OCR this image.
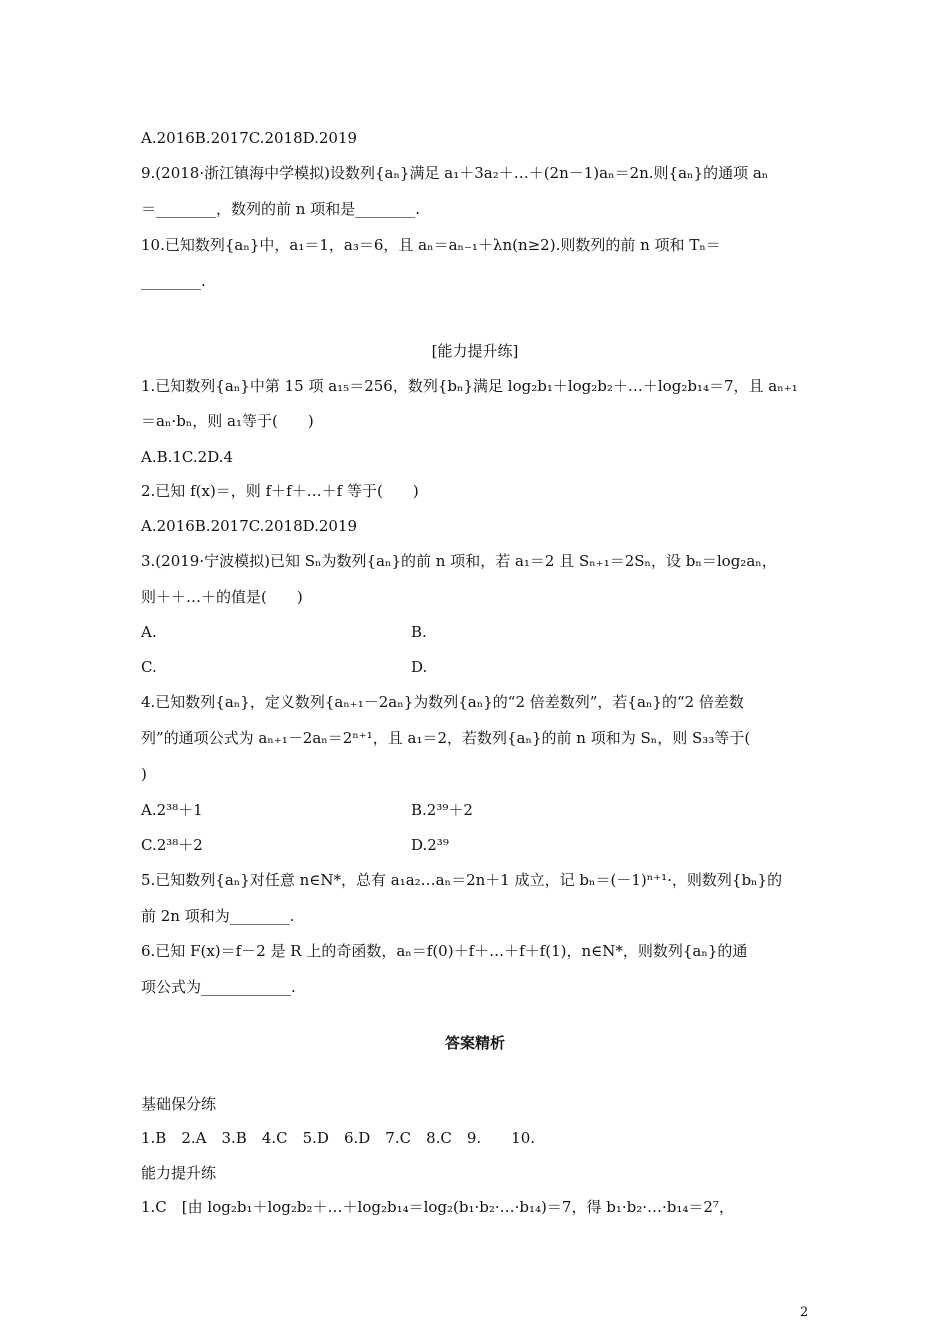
A.2016B.2017C.2018D.2019
9.(2018·浙江镇海中学模拟)设数列{aₙ}满足 a₁＋3a₂＋…＋(2n－1)aₙ＝2n.则{aₙ}的通项 aₙ
＝________，数列的前 n 项和是________.
10.已知数列{aₙ}中，a₁＝1，a₃＝6，且 aₙ＝aₙ₋₁＋λn(n≥2).则数列的前 n 项和 Tₙ＝
________.
[能力提升练]
1.已知数列{aₙ}中第 15 项 a₁₅＝256，数列{bₙ}满足 log₂b₁＋log₂b₂＋…＋log₂b₁₄＝7，且 aₙ₊₁
＝aₙ·bₙ，则 a₁等于(　　)
A.B.1C.2D.4
2.已知 f(x)＝，则 f＋f＋…＋f 等于(　　)
A.2016B.2017C.2018D.2019
3.(2019·宁波模拟)已知 Sₙ为数列{aₙ}的前 n 项和，若 a₁＝2 且 Sₙ₊₁＝2Sₙ，设 bₙ＝log₂aₙ，
则＋＋…＋的值是(　　)
A.	B.
C.	D.
4.已知数列{aₙ}，定义数列{aₙ₊₁－2aₙ}为数列{aₙ}的“2 倍差数列”，若{aₙ}的“2 倍差数
列”的通项公式为 aₙ₊₁－2aₙ＝2ⁿ⁺¹，且 a₁＝2，若数列{aₙ}的前 n 项和为 Sₙ，则 S₃₃等于(
)
A.2³⁸＋1	B.2³⁹＋2
C.2³⁸＋2	D.2³⁹
5.已知数列{aₙ}对任意 n∈N*，总有 a₁a₂…aₙ＝2n＋1 成立，记 bₙ＝(－1)ⁿ⁺¹·，则数列{bₙ}的
前 2n 项和为________.
6.已知 F(x)＝f－2 是 R 上的奇函数，aₙ＝f(0)＋f＋…＋f＋f(1)，n∈N*，则数列{aₙ}的通
项公式为____________.
答案精析
基础保分练
1.B　2.A　3.B　4.C　5.D　6.D　7.C　8.C　9.　　10.
能力提升练
1.C　[由 log₂b₁＋log₂b₂＋…＋log₂b₁₄＝log₂(b₁·b₂·…·b₁₄)＝7，得 b₁·b₂·…·b₁₄＝2⁷，
2
